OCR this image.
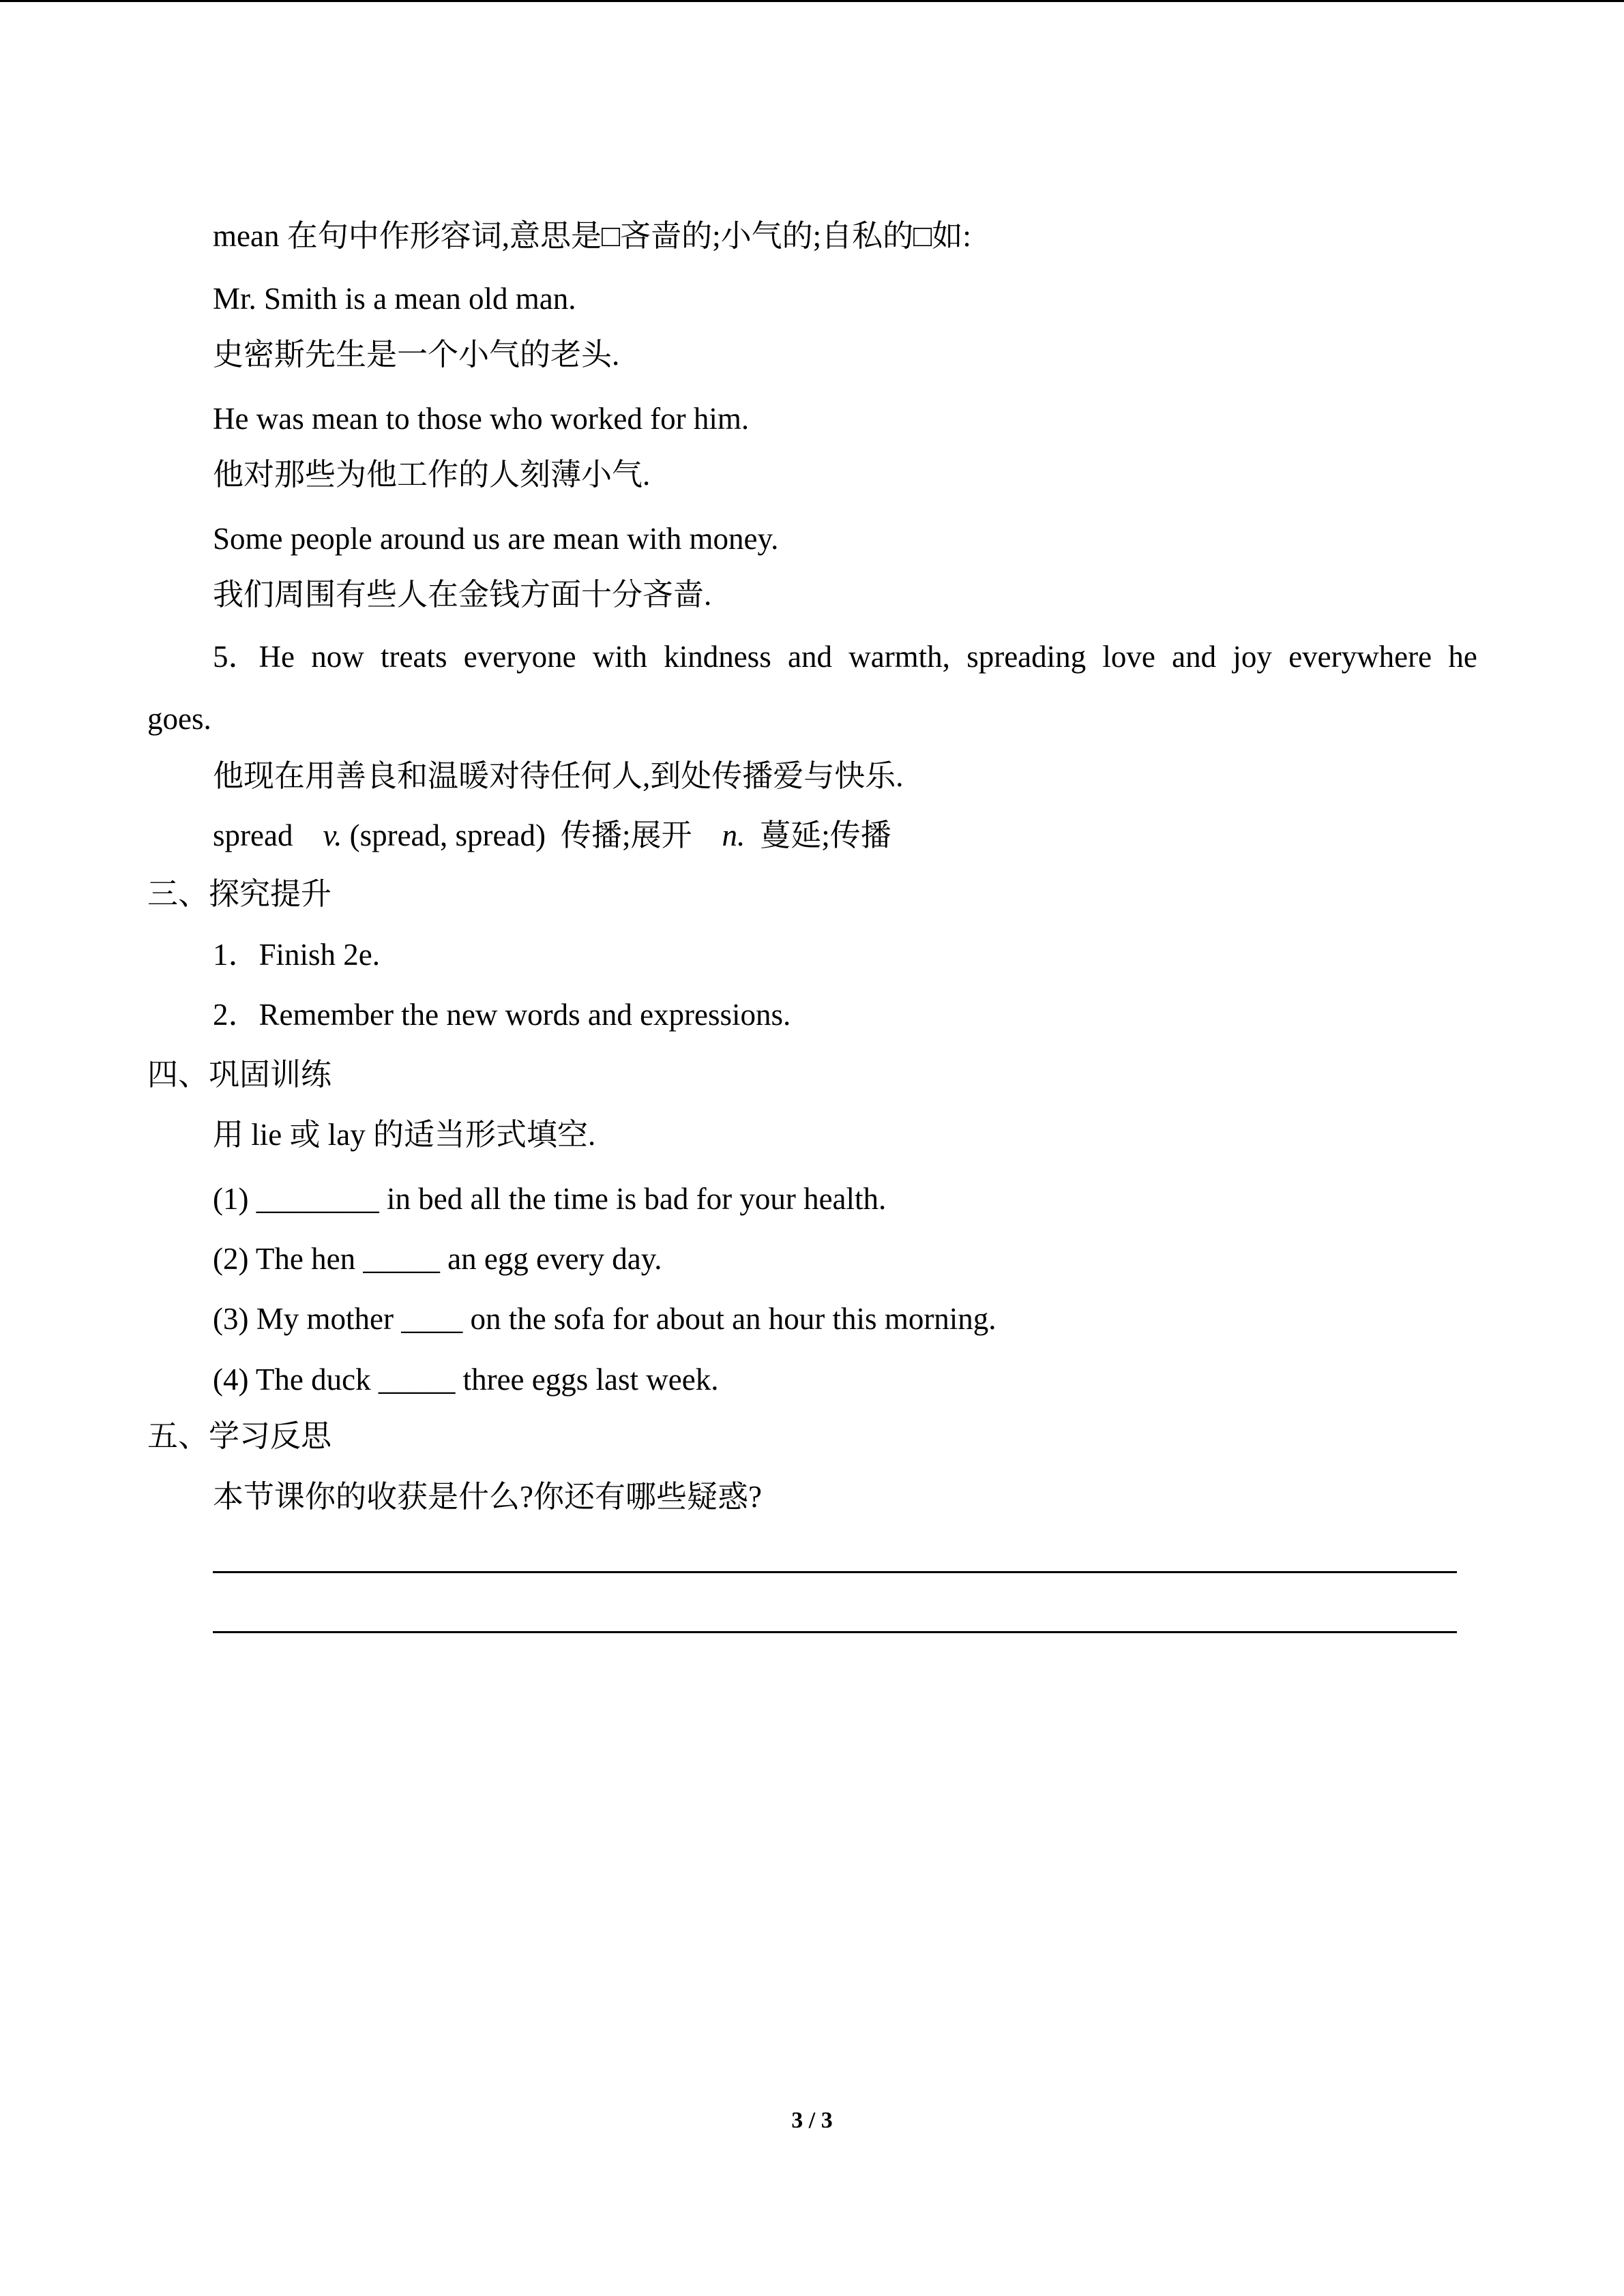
mean 在句中作形容词,意思是□吝啬的;小气的;自私的□如:
Mr. Smith is a mean old man.
史密斯先生是一个小气的老头.
He was mean to those who worked for him.
他对那些为他工作的人刻薄小气.
Some people around us are mean with money.
我们周围有些人在金钱方面十分吝啬.
5．He now treats everyone with kindness and warmth, spreading love and joy everywhere he
goes.
他现在用善良和温暖对待任何人,到处传播爱与快乐.
spread v. (spread, spread) 传播;展开 n. 蔓延;传播
三、探究提升
1．Finish 2e.
2．Remember the new words and expressions.
四、巩固训练
用 lie 或 lay 的适当形式填空.
(1) ________ in bed all the time is bad for your health.
(2) The hen _____ an egg every day.
(3) My mother ____ on the sofa for about an hour this morning.
(4) The duck _____ three eggs last week.
五、学习反思
本节课你的收获是什么?你还有哪些疑惑?
3 / 3
